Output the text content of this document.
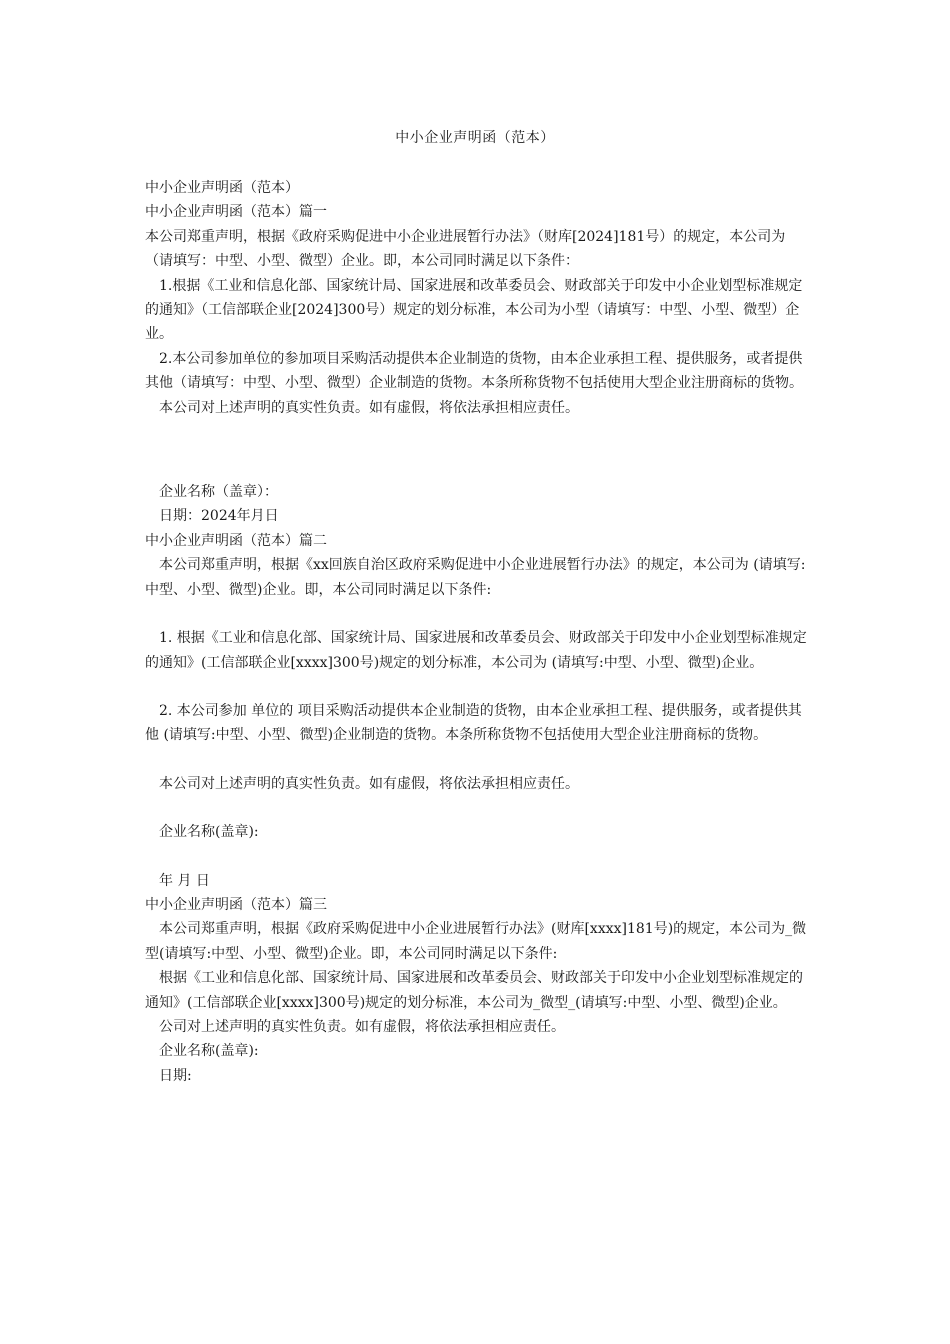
中小企业声明函（范本）

中小企业声明函（范本）

中小企业声明函（范本）篇一

本公司郑重声明，根据《政府采购促进中小企业进展暂行办法》（财库[2024]181号）的规定，本公司为（请填写：中型、小型、微型）企业。即，本公司同时满足以下条件：

1.根据《工业和信息化部、国家统计局、国家进展和改革委员会、财政部关于印发中小企业划型标准规定的通知》（工信部联企业[2024]300号）规定的划分标准，本公司为小型（请填写：中型、小型、微型）企业。

2.本公司参加单位的参加项目采购活动提供本企业制造的货物，由本企业承担工程、提供服务，或者提供其他（请填写：中型、小型、微型）企业制造的货物。本条所称货物不包括使用大型企业注册商标的货物。

本公司对上述声明的真实性负责。如有虚假，将依法承担相应责任。

企业名称（盖章）：

日期：2024年月日

中小企业声明函（范本）篇二

本公司郑重声明，根据《xx回族自治区政府采购促进中小企业进展暂行办法》的规定，本公司为 (请填写:中型、小型、微型)企业。即，本公司同时满足以下条件:

1. 根据《工业和信息化部、国家统计局、国家进展和改革委员会、财政部关于印发中小企业划型标准规定的通知》(工信部联企业[xxxx]300号)规定的划分标准，本公司为 (请填写:中型、小型、微型)企业。

2. 本公司参加 单位的 项目采购活动提供本企业制造的货物，由本企业承担工程、提供服务，或者提供其他 (请填写:中型、小型、微型)企业制造的货物。本条所称货物不包括使用大型企业注册商标的货物。

本公司对上述声明的真实性负责。如有虚假，将依法承担相应责任。

企业名称(盖章):

年 月 日

中小企业声明函（范本）篇三

本公司郑重声明，根据《政府采购促进中小企业进展暂行办法》(财库[xxxx]181号)的规定，本公司为_微型(请填写:中型、小型、微型)企业。即，本公司同时满足以下条件:

根据《工业和信息化部、国家统计局、国家进展和改革委员会、财政部关于印发中小企业划型标准规定的通知》(工信部联企业[xxxx]300号)规定的划分标准，本公司为_微型_(请填写:中型、小型、微型)企业。

公司对上述声明的真实性负责。如有虚假，将依法承担相应责任。

企业名称(盖章):

日期:
